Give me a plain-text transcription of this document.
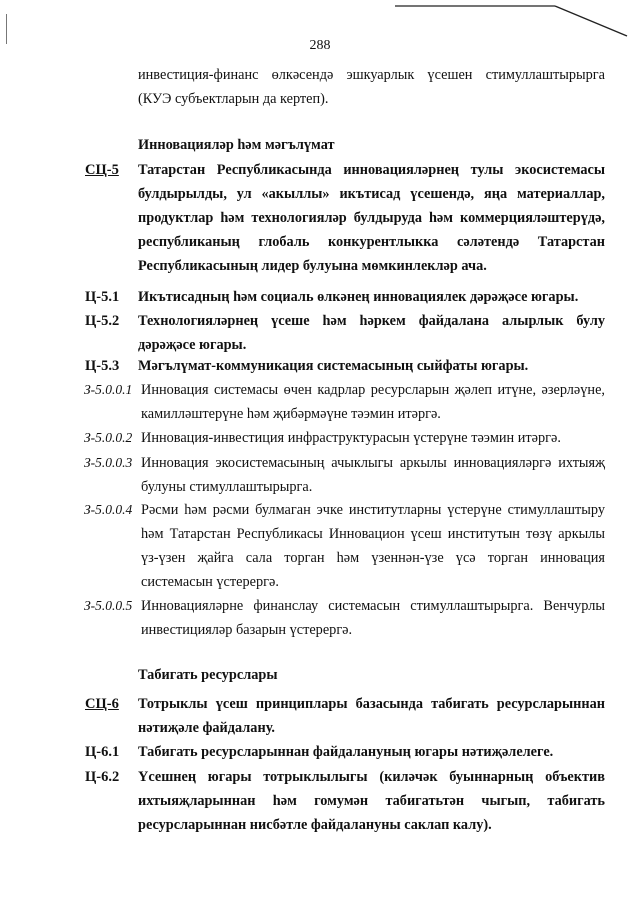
288
инвестиция-финанс өлкәсендә эшкуарлык үсешен стимуллаштырырга
(КУЭ субъектларын да кертеп).
Инновацияләр һәм мәгълүмат
СЦ-5 Татарстан Республикасында инновацияләрнең тулы экосистемасы
булдырылды, ул «акыллы» икътисад үсешендә, яңа материаллар,
продуктлар һәм технологияләр булдыруда һәм коммерцияләштерүдә,
республиканың глобаль конкурентлыкка сәләтендә Татарстан
Республикасының лидер булуына мөмкинлекләр ача.
Ц-5.1 Икътисадның һәм социаль өлкәнең инновациялек дәрәҗәсе югары.
Ц-5.2 Технологияләрнең үсеше һәм һәркем файдалана алырлык булу
дәрәҗәсе югары.
Ц-5.3 Мәгълүмат-коммуникация системасының сыйфаты югары.
З-5.0.0.1 Инновация системасы өчен кадрлар ресурсларын җәлеп итүне, әзерләүне,
камилләштерүне һәм җибәрмәүне тәэмин итәргә.
З-5.0.0.2 Инновация-инвестиция инфраструктурасын үстерүне тәэмин итәргә.
З-5.0.0.3 Инновация экосистемасының ачыклыгы аркылы инновацияләргә ихтыяҗ
булуны стимуллаштырырга.
З-5.0.0.4 Рәсми һәм рәсми булмаган эчке институтларны үстерүне стимуллаштыру
һәм Татарстан Республикасы Инновацион үсеш институтын төзү аркылы
үз-үзен җайга сала торган һәм үзеннән-үзе үсә торган инновация
системасын үстерергә.
З-5.0.0.5 Инновацияләрне финанслау системасын стимуллаштырырга. Венчурлы
инвестицияләр базарын үстерергә.
Табигать ресурслары
СЦ-6 Тотрыклы үсеш принциплары базасында табигать ресурсларыннан
нәтиҗәле файдалану.
Ц-6.1 Табигать ресурсларыннан файдалануның югары нәтиҗәлелеге.
Ц-6.2 Үсешнең югары тотрыклылыгы (киләчәк буыннарның объектив
ихтыяҗларыннан һәм гомумән табигатьтән чыгып, табигать
ресурсларыннан нисбәтле файдалануны саклап калу).
